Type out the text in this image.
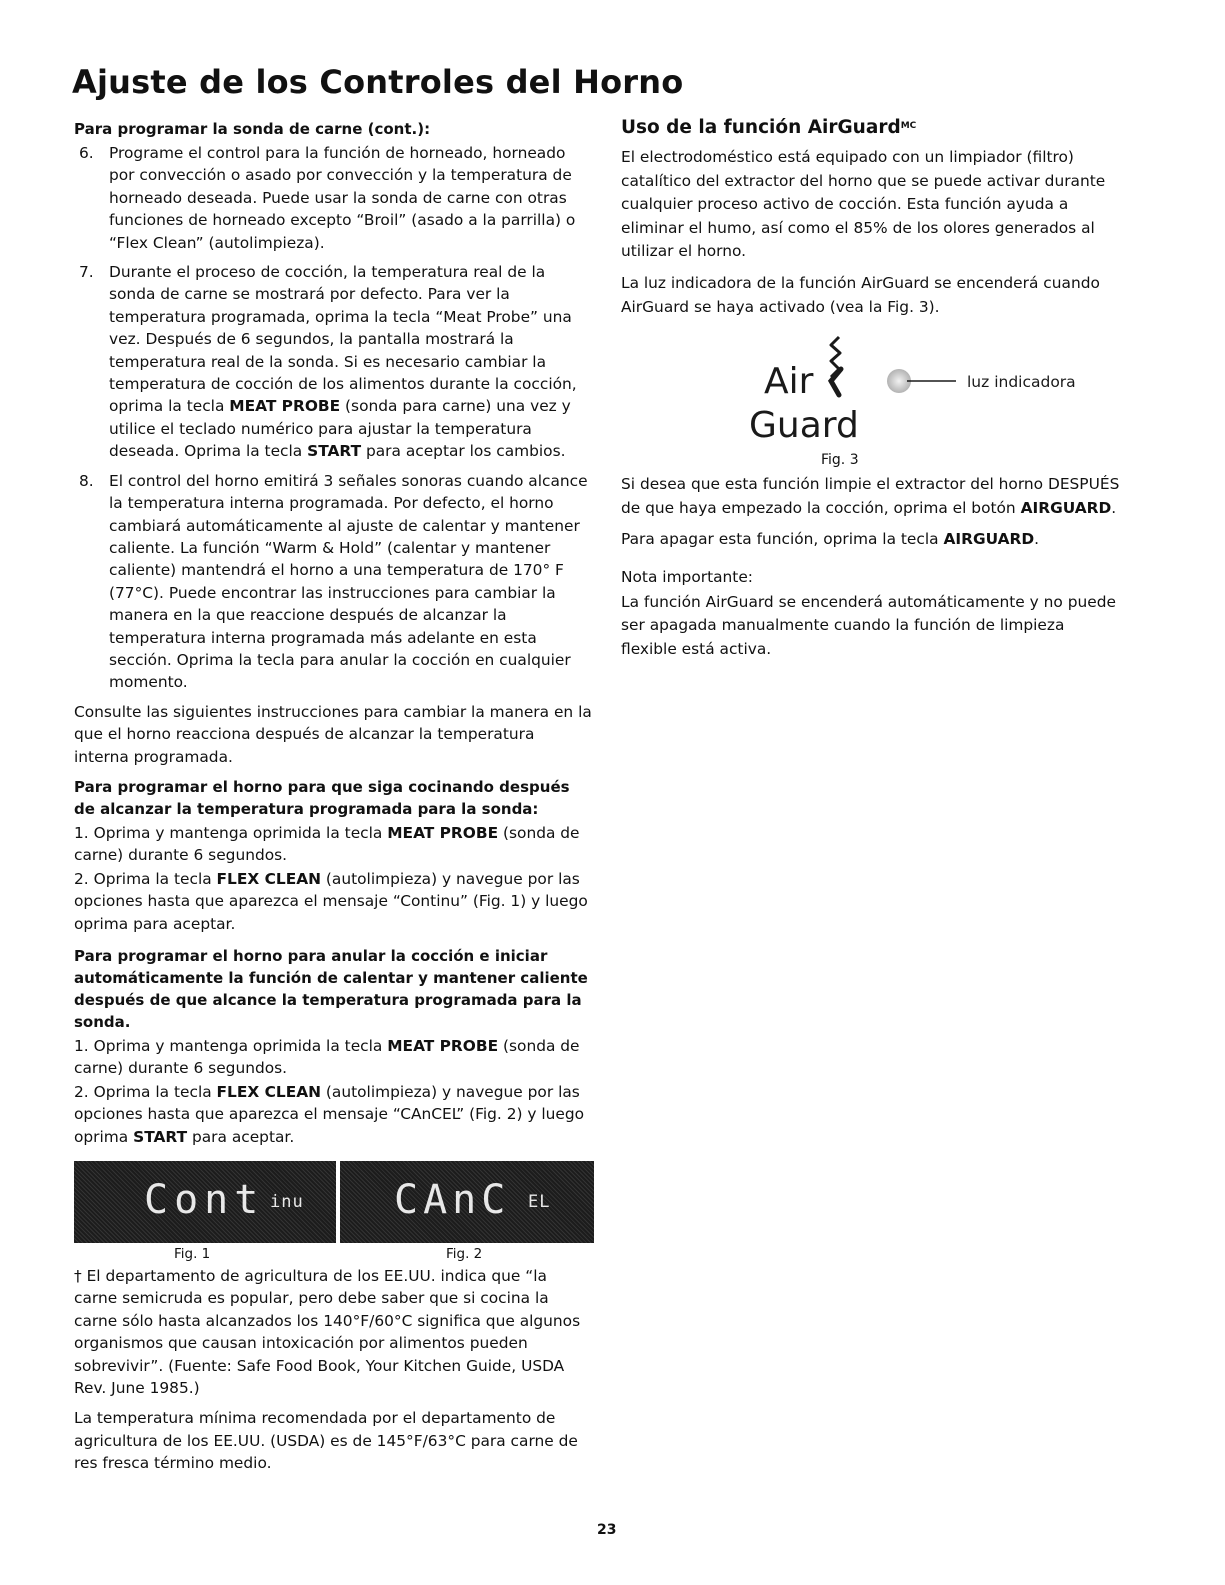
Ajuste de los Controles del Horno
Para programar la sonda de carne (cont.):
6. Programe el control para la función de horneado, horneado por convección o asado por convección y la temperatura de horneado deseada. Puede usar la sonda de carne con otras funciones de horneado excepto “Broil” (asado a la parrilla) o “Flex Clean” (autolimpieza).
7. Durante el proceso de cocción, la temperatura real de la sonda de carne se mostrará por defecto. Para ver la temperatura programada, oprima la tecla “Meat Probe” una vez. Después de 6 segundos, la pantalla mostrará la temperatura real de la sonda. Si es necesario cambiar la temperatura de cocción de los alimentos durante la cocción, oprima la tecla MEAT PROBE (sonda para carne) una vez y utilice el teclado numérico para ajustar la temperatura deseada. Oprima la tecla START para aceptar los cambios.
8. El control del horno emitirá 3 señales sonoras cuando alcance la temperatura interna programada. Por defecto, el horno cambiará automáticamente al ajuste de calentar y mantener caliente. La función “Warm & Hold” (calentar y mantener caliente) mantendrá el horno a una temperatura de 170° F (77°C). Puede encontrar las instrucciones para cambiar la manera en la que reaccione después de alcanzar la temperatura interna programada más adelante en esta sección. Oprima la tecla para anular la cocción en cualquier momento.

Consulte las siguientes instrucciones para cambiar la manera en la que el horno reacciona después de alcanzar la temperatura interna programada.

Para programar el horno para que siga cocinando después de alcanzar la temperatura programada para la sonda:

1. Oprima y mantenga oprimida la tecla MEAT PROBE (sonda de carne) durante 6 segundos.

2. Oprima la tecla FLEX CLEAN (autolimpieza) y navegue por las opciones hasta que aparezca el mensaje “Continu” (Fig. 1) y luego oprima para aceptar.

Para programar el horno para anular la cocción e iniciar automáticamente la función de calentar y mantener caliente después de que alcance la temperatura programada para la sonda.

1. Oprima y mantenga oprimida la tecla MEAT PROBE (sonda de carne) durante 6 segundos.

2. Oprima la tecla FLEX CLEAN (autolimpieza) y navegue por las opciones hasta que aparezca el mensaje “CAnCEL” (Fig. 2) y luego oprima START para aceptar.

Cont inu CAnC EL
Fig. 1	Fig. 2

† El departamento de agricultura de los EE.UU. indica que “la carne semicruda es popular, pero debe saber que si cocina la carne sólo hasta alcanzados los 140°F/60°C significa que algunos organismos que causan intoxicación por alimentos pueden sobrevivir”. (Fuente: Safe Food Book, Your Kitchen Guide, USDA Rev. June 1985.)

La temperatura mínima recomendada por el departamento de agricultura de los EE.UU. (USDA) es de 145°F/63°C para carne de res fresca término medio.

Uso de la función AirGuard$^{MC}$

El electrodoméstico está equipado con un limpiador (filtro) catalítico del extractor del horno que se puede activar durante cualquier proceso activo de cocción. Esta función ayuda a eliminar el humo, así como el 85% de los olores generados al utilizar el horno.

La luz indicadora de la función AirGuard se encenderá cuando AirGuard se haya activado (vea la Fig. 3).

Air
Guard
luz indicadora
Fig. 3

Si desea que esta función limpie el extractor del horno DESPUÉS de que haya empezado la cocción, oprima el botón AIRGUARD.

Para apagar esta función, oprima la tecla AIRGUARD.

Nota importante:

La función AirGuard se encenderá automáticamente y no puede ser apagada manualmente cuando la función de limpieza flexible está activa.

23
